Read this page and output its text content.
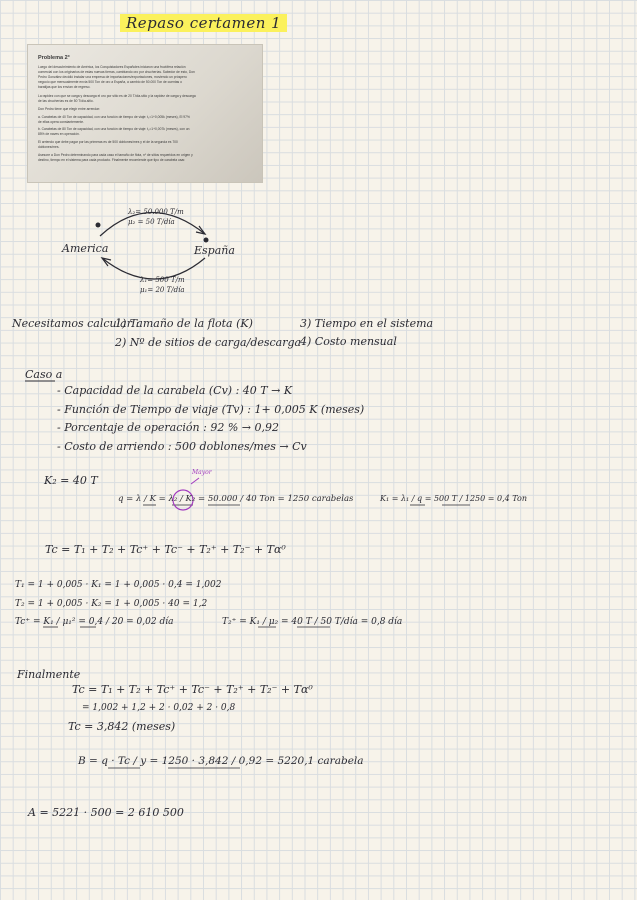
Repaso certamen 1
Problema 2°
Luego del descubrimiento de América, los Conquistadores Españoles iniciaron una fructífera relación
comercial con los originarios de estas nuevas tierras, cambiando oro por chucherías. Sabedor de esto, Don
Pedro González decidió instalar una empresa de importaciones/exportaciones, moviendo un próspero
negocio que mensualmente envía 500 Ton de oro a España, a cambio de 50.000 Ton de cuentas o
baratijas que los envían de regreso.
La rapidez con que se carga y descarga el oro por sitio es de 20 T/día-sitio y la rapidez de carga y descarga
de las chucherías es de 50 T/día-sitio.
Don Pedro tiene que elegir entre arrendar:
a. Carabelas de 40 Ton de capacidad, con una función de tiempo de viaje: t₁=1+0,005k (meses), El 97%
de ellas opera constantemente.
b. Carabelas de 80 Ton de capacidad, con una función de tiempo de viaje: t₂=1+0,007k (meses), con un
85% de naves en operación.
El arriendo que debe pagar por las primeras es de 500 doblones/mes y el de la segunda es 700
doblones/mes.
Asesore a Don Pedro determinando para cada caso el tamaño de flota, nº de sitios requeridos en origen y
destino, tiempo en el sistema para cada producto. Finalmente recomiende que tipo de carabela usar.
λ₂= 50.000 T/m
μ₂ = 50 T/día
America	España
λ₁= 500 T/m
μ₁= 20 T/día
Necesitamos calcular :
1) Tamaño de la flota (K)
2) Nº de sitios de carga/descarga
3) Tiempo en el sistema
4) Costo mensual
Caso a
- Capacidad de la carabela (Cv) : 40 T → K
- Función de Tiempo de viaje (Tv) : 1+ 0,005 K (meses)
- Porcentaje de operación : 92 % → 0,92
- Costo de arriendo : 500 doblones/mes → Cv
K₂ = 40 T
Mayor
q = λ / K = λ₂ / K₂ = 50.000 / 40 Ton = 1250 carabelas	K₁ = λ₁ / q = 500 T / 1250 = 0,4 Ton
Tc = T₁ + T₂ + Tc⁺ + Tc⁻ + T₂⁺ + T₂⁻ + Tα⁰
T₁ = 1 + 0,005 · K₁ = 1 + 0,005 · 0,4 = 1,002
T₂ = 1 + 0,005 · K₂ = 1 + 0,005 · 40 = 1,2
Tc⁺ = K₁ / μ₁² = 0,4 / 20 = 0,02 día	T₂⁺ = K₁ / μ₂ = 40 T / 50 T/día = 0,8 día
Finalmente
Tc = T₁ + T₂ + Tc⁺ + Tc⁻ + T₂⁺ + T₂⁻ + Tα⁰
= 1,002 + 1,2 + 2 · 0,02 + 2 · 0,8
Tc = 3,842 (meses)
B = q · Tc / y = 1250 · 3,842 / 0,92 = 5220,1 carabela
A = 5221 · 500 = 2 610 500
